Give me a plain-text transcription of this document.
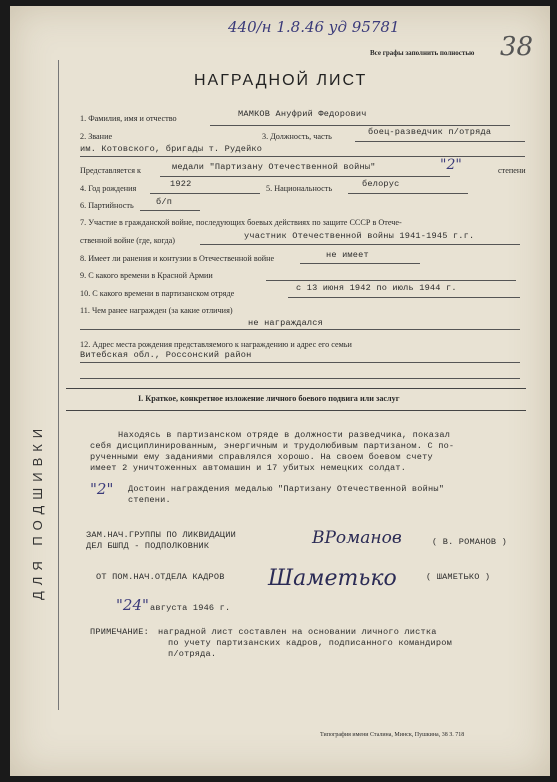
ДЛЯ ПОДШИВКИ
440/н 1.8.46 уд 95781
Все графы заполнить полностью 38
НАГРАДНОЙ ЛИСТ
1. Фамилия, имя и отчество	МАМКОВ Ануфрий Федорович
2. Звание	3. Должность, часть	боец-разведчик п/отряда
им. Котовского, бригады т. Рудейко
Представляется к	медали "Партизану Отечественной войны"	"2"	степени
4. Год рождения	1922	5. Национальность	белорус
6. Партийность	б/п
7. Участие в гражданской войне, последующих боевых действиях по защите СССР в Отече-
ственной войне (где, когда)	участник Отечественной войны 1941-1945 г.г.
8. Имеет ли ранения и контузии в Отечественной войне	не имеет
9. С какого времени в Красной Армии
10. С какого времени в партизанском отряде
с 13 июня 1942 по июль 1944 г.
11. Чем ранее награжден (за какие отличия)
не награждался
12. Адрес места рождения представляемого к награждению и адрес его семьи
Витебская обл., Россонский район
I. Краткое, конкретное изложение личного боевого подвига или заслуг
Находясь в партизанском отряде в должности разведчика, показал
себя дисциплинированным, энергичным и трудолюбивым партизаном. С по-
рученными ему заданиями справлялся хорошо. На своем боевом счету
имеет 2 уничтоженных автомашин и 17 убитых немецких солдат.
"2" Достоин награждения медалью "Партизану Отечественной войны"
степени.
ЗАМ.НАЧ.ГРУППЫ ПО ЛИКВИДАЦИИ
ДЕЛ БШПД - ПОДПОЛКОВНИК	ВРоманов	( В. РОМАНОВ )
ОТ ПОМ.НАЧ.ОТДЕЛА КАДРОВ Шаметько	( ШАМЕТЬКО )
"24" августа 1946 г.
ПРИМЕЧАНИЕ: наградной лист составлен на основании личного листка
по учету партизанских кадров, подписанного командиром
п/отряда.
Типография имени Сталина, Минск, Пушкина, 38 З. 718
